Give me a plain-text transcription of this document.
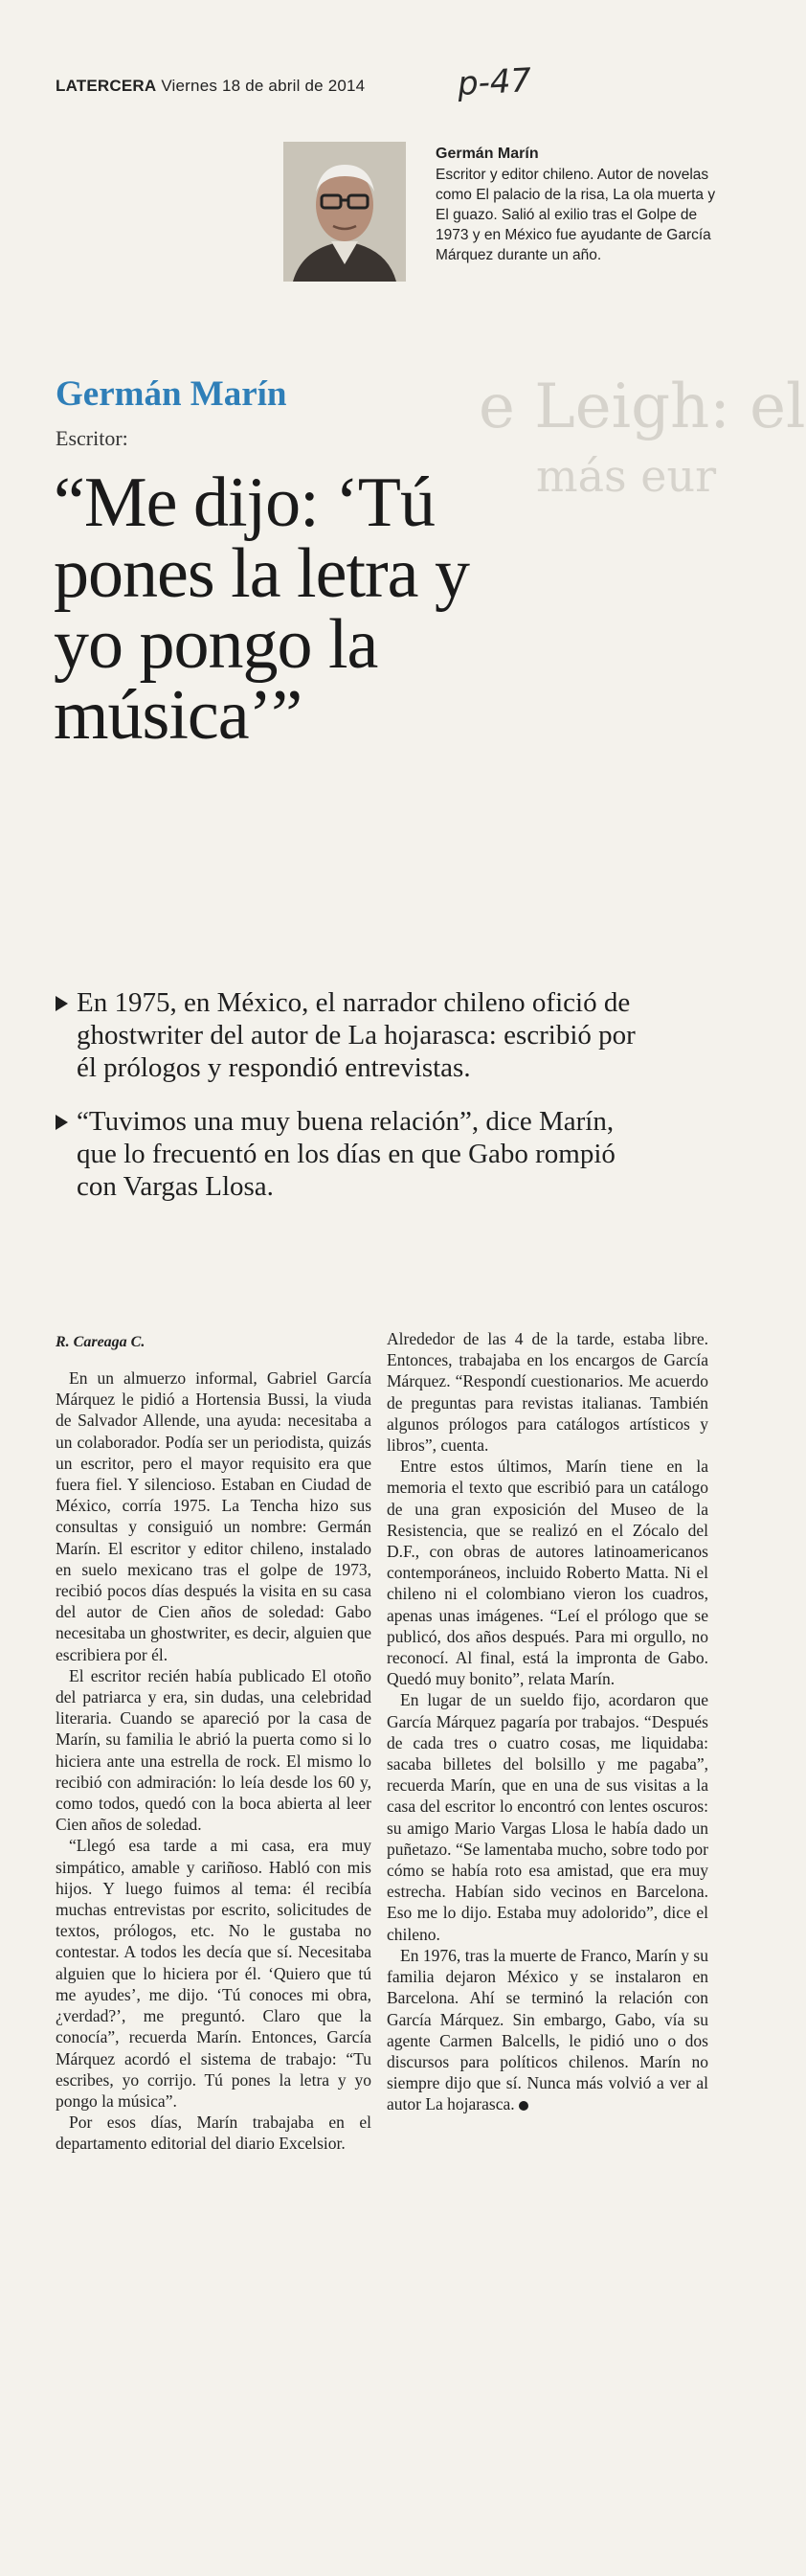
e Leigh: el
más eur
LATERCERA Viernes 18 de abril de 2014	p-47
Germán Marín
Escritor y editor chileno. Autor de novelas como El palacio de la risa, La ola muerta y El guazo. Salió al exilio tras el Golpe de 1973 y en México fue ayudante de García Márquez durante un año.
Germán Marín
Escritor:
“Me dijo: ‘Tú pones la letra y yo pongo la música’”
En 1975, en México, el narrador chileno ofició de ghostwriter del autor de La hojarasca: escribió por él prólogos y respondió entrevistas.
“Tuvimos una muy buena relación”, dice Marín, que lo frecuentó en los días en que Gabo rompió con Vargas Llosa.
R. Careaga C.

En un almuerzo informal, Gabriel García Márquez le pidió a Hortensia Bussi, la viuda de Salvador Allende, una ayuda: necesitaba a un colaborador. Podía ser un periodista, quizás un escritor, pero el mayor requisito era que fuera fiel. Y silencioso. Estaban en Ciudad de México, corría 1975. La Tencha hizo sus consultas y consiguió un nombre: Germán Marín. El escritor y editor chileno, instalado en suelo mexicano tras el golpe de 1973, recibió pocos días después la visita en su casa del autor de Cien años de soledad: Gabo necesitaba un ghostwriter, es decir, alguien que escribiera por él.

El escritor recién había publicado El otoño del patriarca y era, sin dudas, una celebridad literaria. Cuando se apareció por la casa de Marín, su familia le abrió la puerta como si lo hiciera ante una estrella de rock. El mismo lo recibió con admiración: lo leía desde los 60 y, como todos, quedó con la boca abierta al leer Cien años de soledad.

“Llegó esa tarde a mi casa, era muy simpático, amable y cariñoso. Habló con mis hijos. Y luego fuimos al tema: él recibía muchas entrevistas por escrito, solicitudes de textos, prólogos, etc. No le gustaba no contestar. A todos les decía que sí. Necesitaba alguien que lo hiciera por él. ‘Quiero que tú me ayudes’, me dijo. ‘Tú conoces mi obra, ¿verdad?’, me preguntó. Claro que la conocía”, recuerda Marín. Entonces, García Márquez acordó el sistema de trabajo: “Tu escribes, yo corrijo. Tú pones la letra y yo pongo la música”.

Por esos días, Marín trabajaba en el departamento editorial del diario Excelsior.

Alrededor de las 4 de la tarde, estaba libre. Entonces, trabajaba en los encargos de García Márquez. “Respondí cuestionarios. Me acuerdo de preguntas para revistas italianas. También algunos prólogos para catálogos artísticos y libros”, cuenta.

Entre estos últimos, Marín tiene en la memoria el texto que escribió para un catálogo de una gran exposición del Museo de la Resistencia, que se realizó en el Zócalo del D.F., con obras de autores latinoamericanos contemporáneos, incluido Roberto Matta. Ni el chileno ni el colombiano vieron los cuadros, apenas unas imágenes. “Leí el prólogo que se publicó, dos años después. Para mi orgullo, no reconocí. Al final, está la impronta de Gabo. Quedó muy bonito”, relata Marín.

En lugar de un sueldo fijo, acordaron que García Márquez pagaría por trabajos. “Después de cada tres o cuatro cosas, me liquidaba: sacaba billetes del bolsillo y me pagaba”, recuerda Marín, que en una de sus visitas a la casa del escritor lo encontró con lentes oscuros: su amigo Mario Vargas Llosa le había dado un puñetazo. “Se lamentaba mucho, sobre todo por cómo se había roto esa amistad, que era muy estrecha. Habían sido vecinos en Barcelona. Eso me lo dijo. Estaba muy adolorido”, dice el chileno.

En 1976, tras la muerte de Franco, Marín y su familia dejaron México y se instalaron en Barcelona. Ahí se terminó la relación con García Márquez. Sin embargo, Gabo, vía su agente Carmen Balcells, le pidió uno o dos discursos para políticos chilenos. Marín no siempre dijo que sí. Nunca más volvió a ver al autor La hojarasca.
